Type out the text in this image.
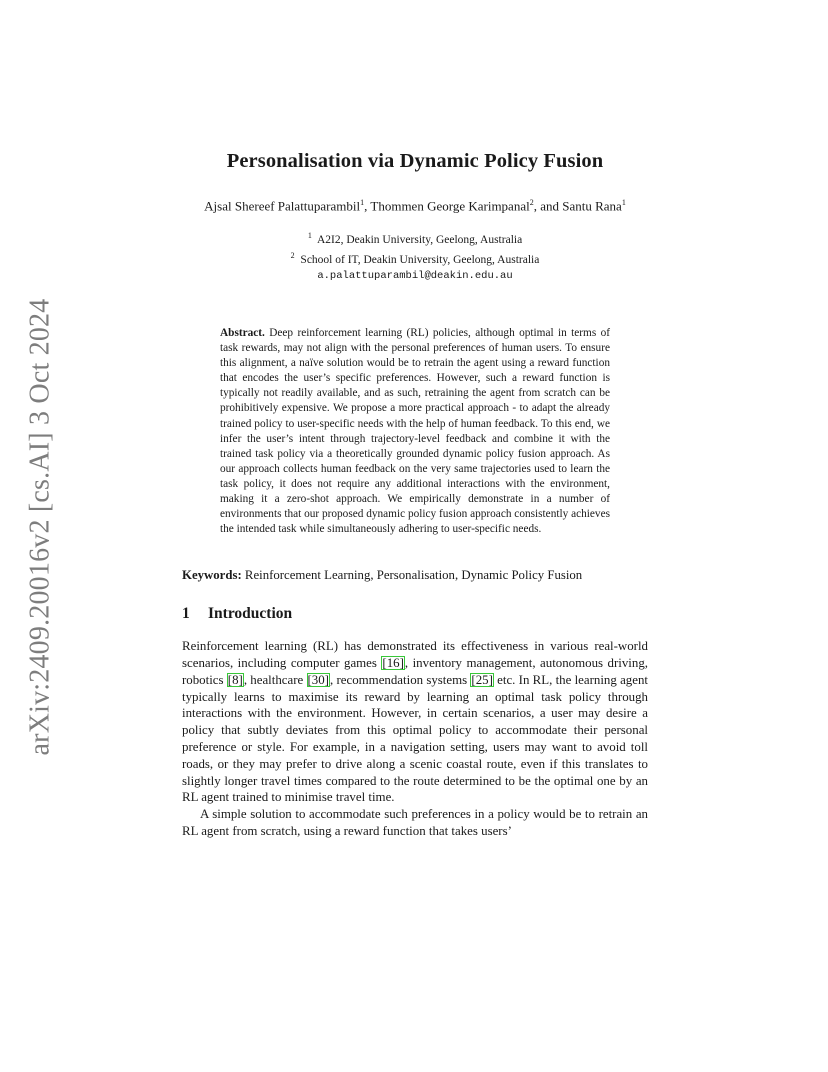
arXiv:2409.20016v2 [cs.AI] 3 Oct 2024
Personalisation via Dynamic Policy Fusion
Ajsal Shereef Palattuparambil$^1$, Thommen George Karimpanal$^2$, and Santu Rana$^1$
$^1$ A2I2, Deakin University, Geelong, Australia
$^2$ School of IT, Deakin University, Geelong, Australia
a.palattuparambil@deakin.edu.au
Abstract. Deep reinforcement learning (RL) policies, although optimal in terms of task rewards, may not align with the personal preferences of human users. To ensure this alignment, a naïve solution would be to retrain the agent using a reward function that encodes the user’s specific preferences. However, such a reward function is typically not readily available, and as such, retraining the agent from scratch can be prohibitively expensive. We propose a more practical approach - to adapt the already trained policy to user-specific needs with the help of human feedback. To this end, we infer the user’s intent through trajectory-level feedback and combine it with the trained task policy via a theoretically grounded dynamic policy fusion approach. As our approach collects human feedback on the very same trajectories used to learn the task policy, it does not require any additional interactions with the environment, making it a zero-shot approach. We empirically demonstrate in a number of environments that our proposed dynamic policy fusion approach consistently achieves the intended task while simultaneously adhering to user-specific needs.
Keywords: Reinforcement Learning, Personalisation, Dynamic Policy Fusion
1	Introduction

Reinforcement learning (RL) has demonstrated its effectiveness in various real-world scenarios, including computer games [16], inventory management, autonomous driving, robotics [8], healthcare [30], recommendation systems [25] etc. In RL, the learning agent typically learns to maximise its reward by learning an optimal task policy through interactions with the environment. However, in certain scenarios, a user may desire a policy that subtly deviates from this optimal policy to accommodate their personal preference or style. For example, in a navigation setting, users may want to avoid toll roads, or they may prefer to drive along a scenic coastal route, even if this translates to slightly longer travel times compared to the route determined to be the optimal one by an RL agent trained to minimise travel time.

A simple solution to accommodate such preferences in a policy would be to retrain an RL agent from scratch, using a reward function that takes users’
